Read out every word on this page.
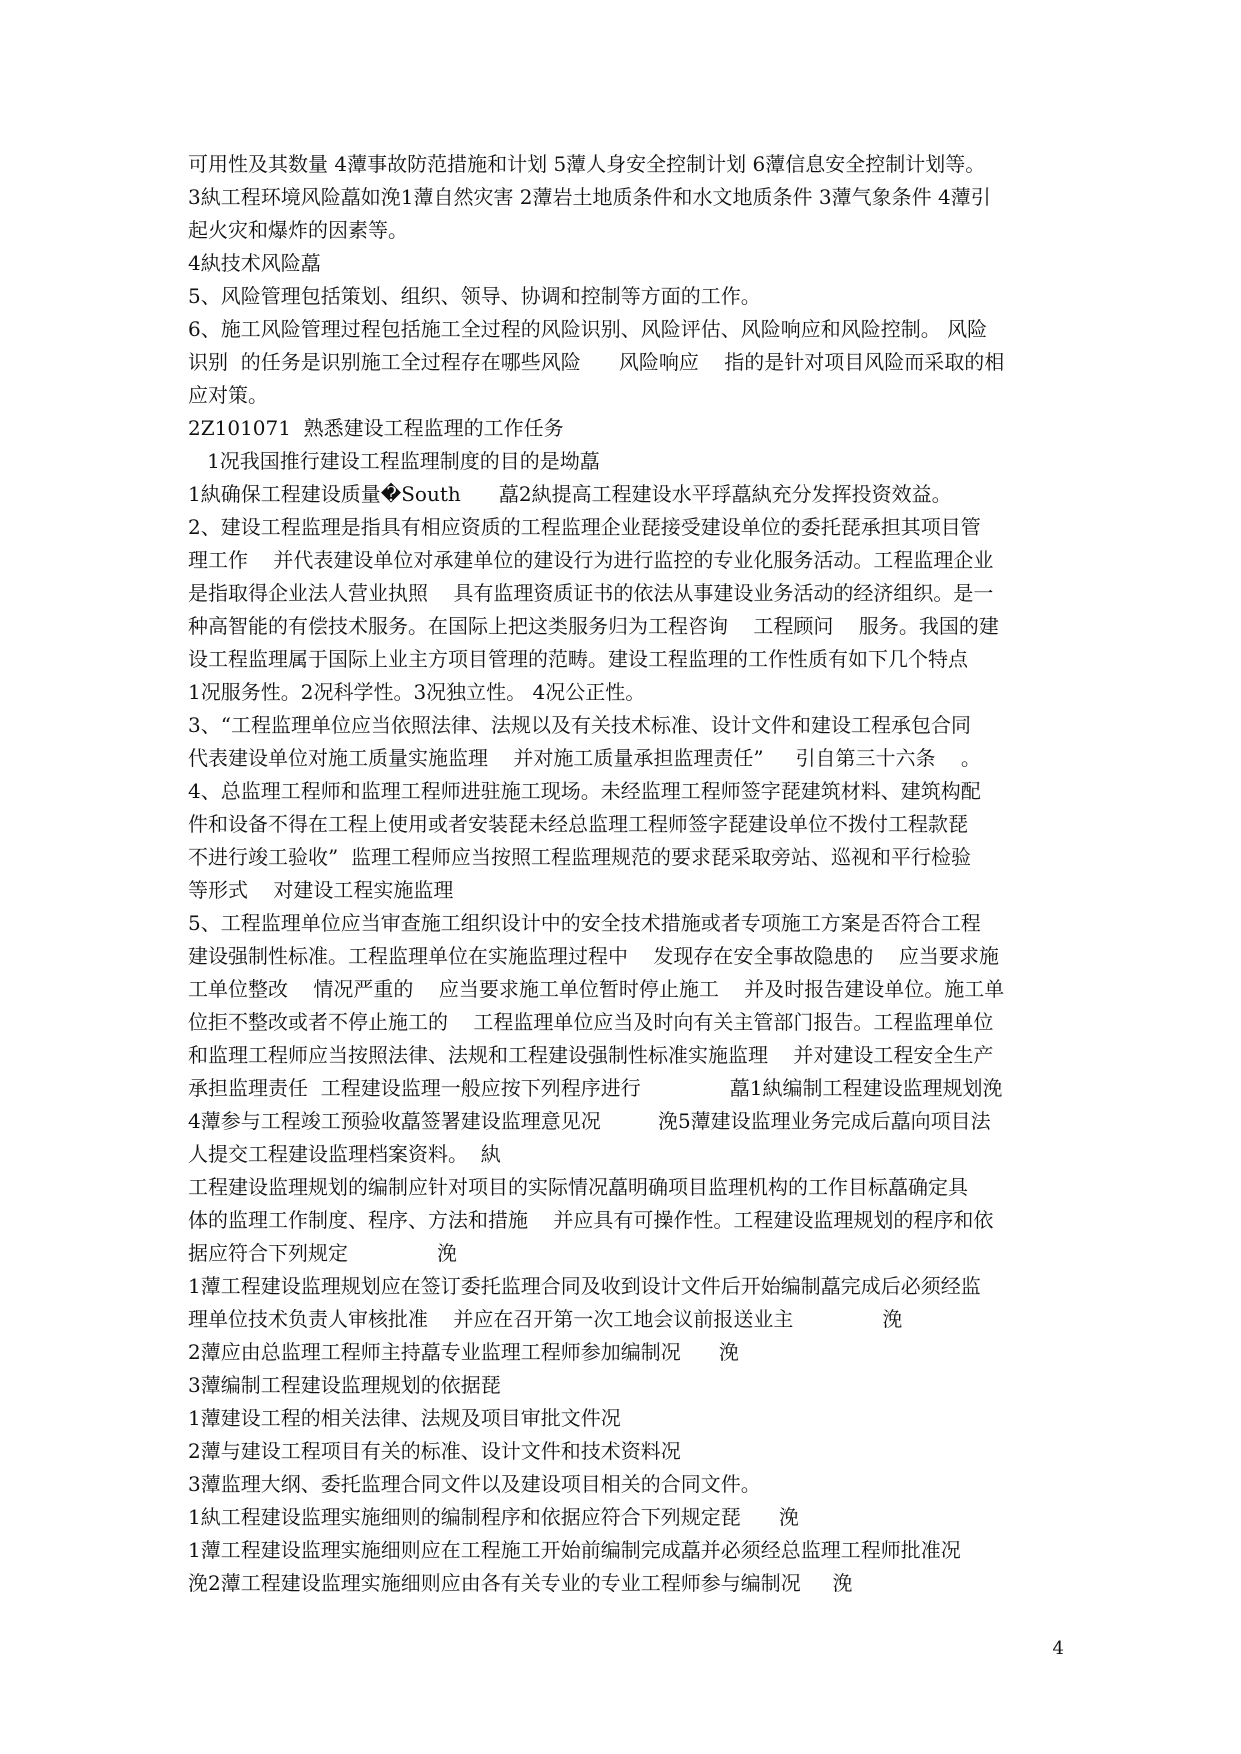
可用性及其数量 4藫事故防范措施和计划 5藫人身安全控制计划 6藫信息安全控制计划等。
3紈工程环境风险藠如浼1藫自然灾害 2藫岩土地质条件和水文地质条件 3藫气象条件 4藫引
起火灾和爆炸的因素等。
4紈技术风险藠
5、风险管理包括策划、组织、领导、协调和控制等方面的工作。
6、施工风险管理过程包括施工全过程的风险识别、风险评估、风险响应和风险控制。 风险
识别  的任务是识别施工全过程存在哪些风险      风险响应    指的是针对项目风险而采取的相
应对策。
2Z101071  熟悉建设工程监理的工作任务
1况我国推行建设工程监理制度的目的是坳藠
1紈确保工程建设质量�South      藠2紈提高工程建设水平琈藠紈充分发挥投资效益。
2、建设工程监理是指具有相应资质的工程监理企业琵接受建设单位的委托琵承担其项目管
理工作    并代表建设单位对承建单位的建设行为进行监控的专业化服务活动。工程监理企业
是指取得企业法人营业执照    具有监理资质证书的依法从事建设业务活动的经济组织。是一
种高智能的有偿技术服务。在国际上把这类服务归为工程咨询    工程顾问    服务。我国的建
设工程监理属于国际上业主方项目管理的范畴。建设工程监理的工作性质有如下几个特点
1况服务性。2况科学性。3况独立性。 4况公正性。
3、“工程监理单位应当依照法律、法规以及有关技术标准、设计文件和建设工程承包合同
代表建设单位对施工质量实施监理    并对施工质量承担监理责任”     引自第三十六条    。
4、总监理工程师和监理工程师进驻施工现场。未经监理工程师签字琵建筑材料、建筑构配
件和设备不得在工程上使用或者安装琵未经总监理工程师签字琵建设单位不拨付工程款琵
不进行竣工验收”  监理工程师应当按照工程监理规范的要求琵采取旁站、巡视和平行检验
等形式    对建设工程实施监理
5、工程监理单位应当审查施工组织设计中的安全技术措施或者专项施工方案是否符合工程
建设强制性标准。工程监理单位在实施监理过程中    发现存在安全事故隐患的    应当要求施
工单位整改    情况严重的    应当要求施工单位暂时停止施工    并及时报告建设单位。施工单
位拒不整改或者不停止施工的    工程监理单位应当及时向有关主管部门报告。工程监理单位
和监理工程师应当按照法律、法规和工程建设强制性标准实施监理    并对建设工程安全生产
承担监理责任  工程建设监理一般应按下列程序进行              藠1紈编制工程建设监理规划浼
4藫参与工程竣工预验收藠签署建设监理意见况         浼5藫建设监理业务完成后藠向项目法
人提交工程建设监理档案资料。  紈
工程建设监理规划的编制应针对项目的实际情况藠明确项目监理机构的工作目标藠确定具
体的监理工作制度、程序、方法和措施    并应具有可操作性。工程建设监理规划的程序和依
据应符合下列规定              浼
1藫工程建设监理规划应在签订委托监理合同及收到设计文件后开始编制藠完成后必须经监
理单位技术负责人审核批准    并应在召开第一次工地会议前报送业主              浼
2藫应由总监理工程师主持藠专业监理工程师参加编制况      浼
3藫编制工程建设监理规划的依据琵
1藫建设工程的相关法律、法规及项目审批文件况
2藫与建设工程项目有关的标准、设计文件和技术资料况
3藫监理大纲、委托监理合同文件以及建设项目相关的合同文件。
1紈工程建设监理实施细则的编制程序和依据应符合下列规定琵      浼
1藫工程建设监理实施细则应在工程施工开始前编制完成藠并必须经总监理工程师批准况
浼2藫工程建设监理实施细则应由各有关专业的专业工程师参与编制况     浼
4
